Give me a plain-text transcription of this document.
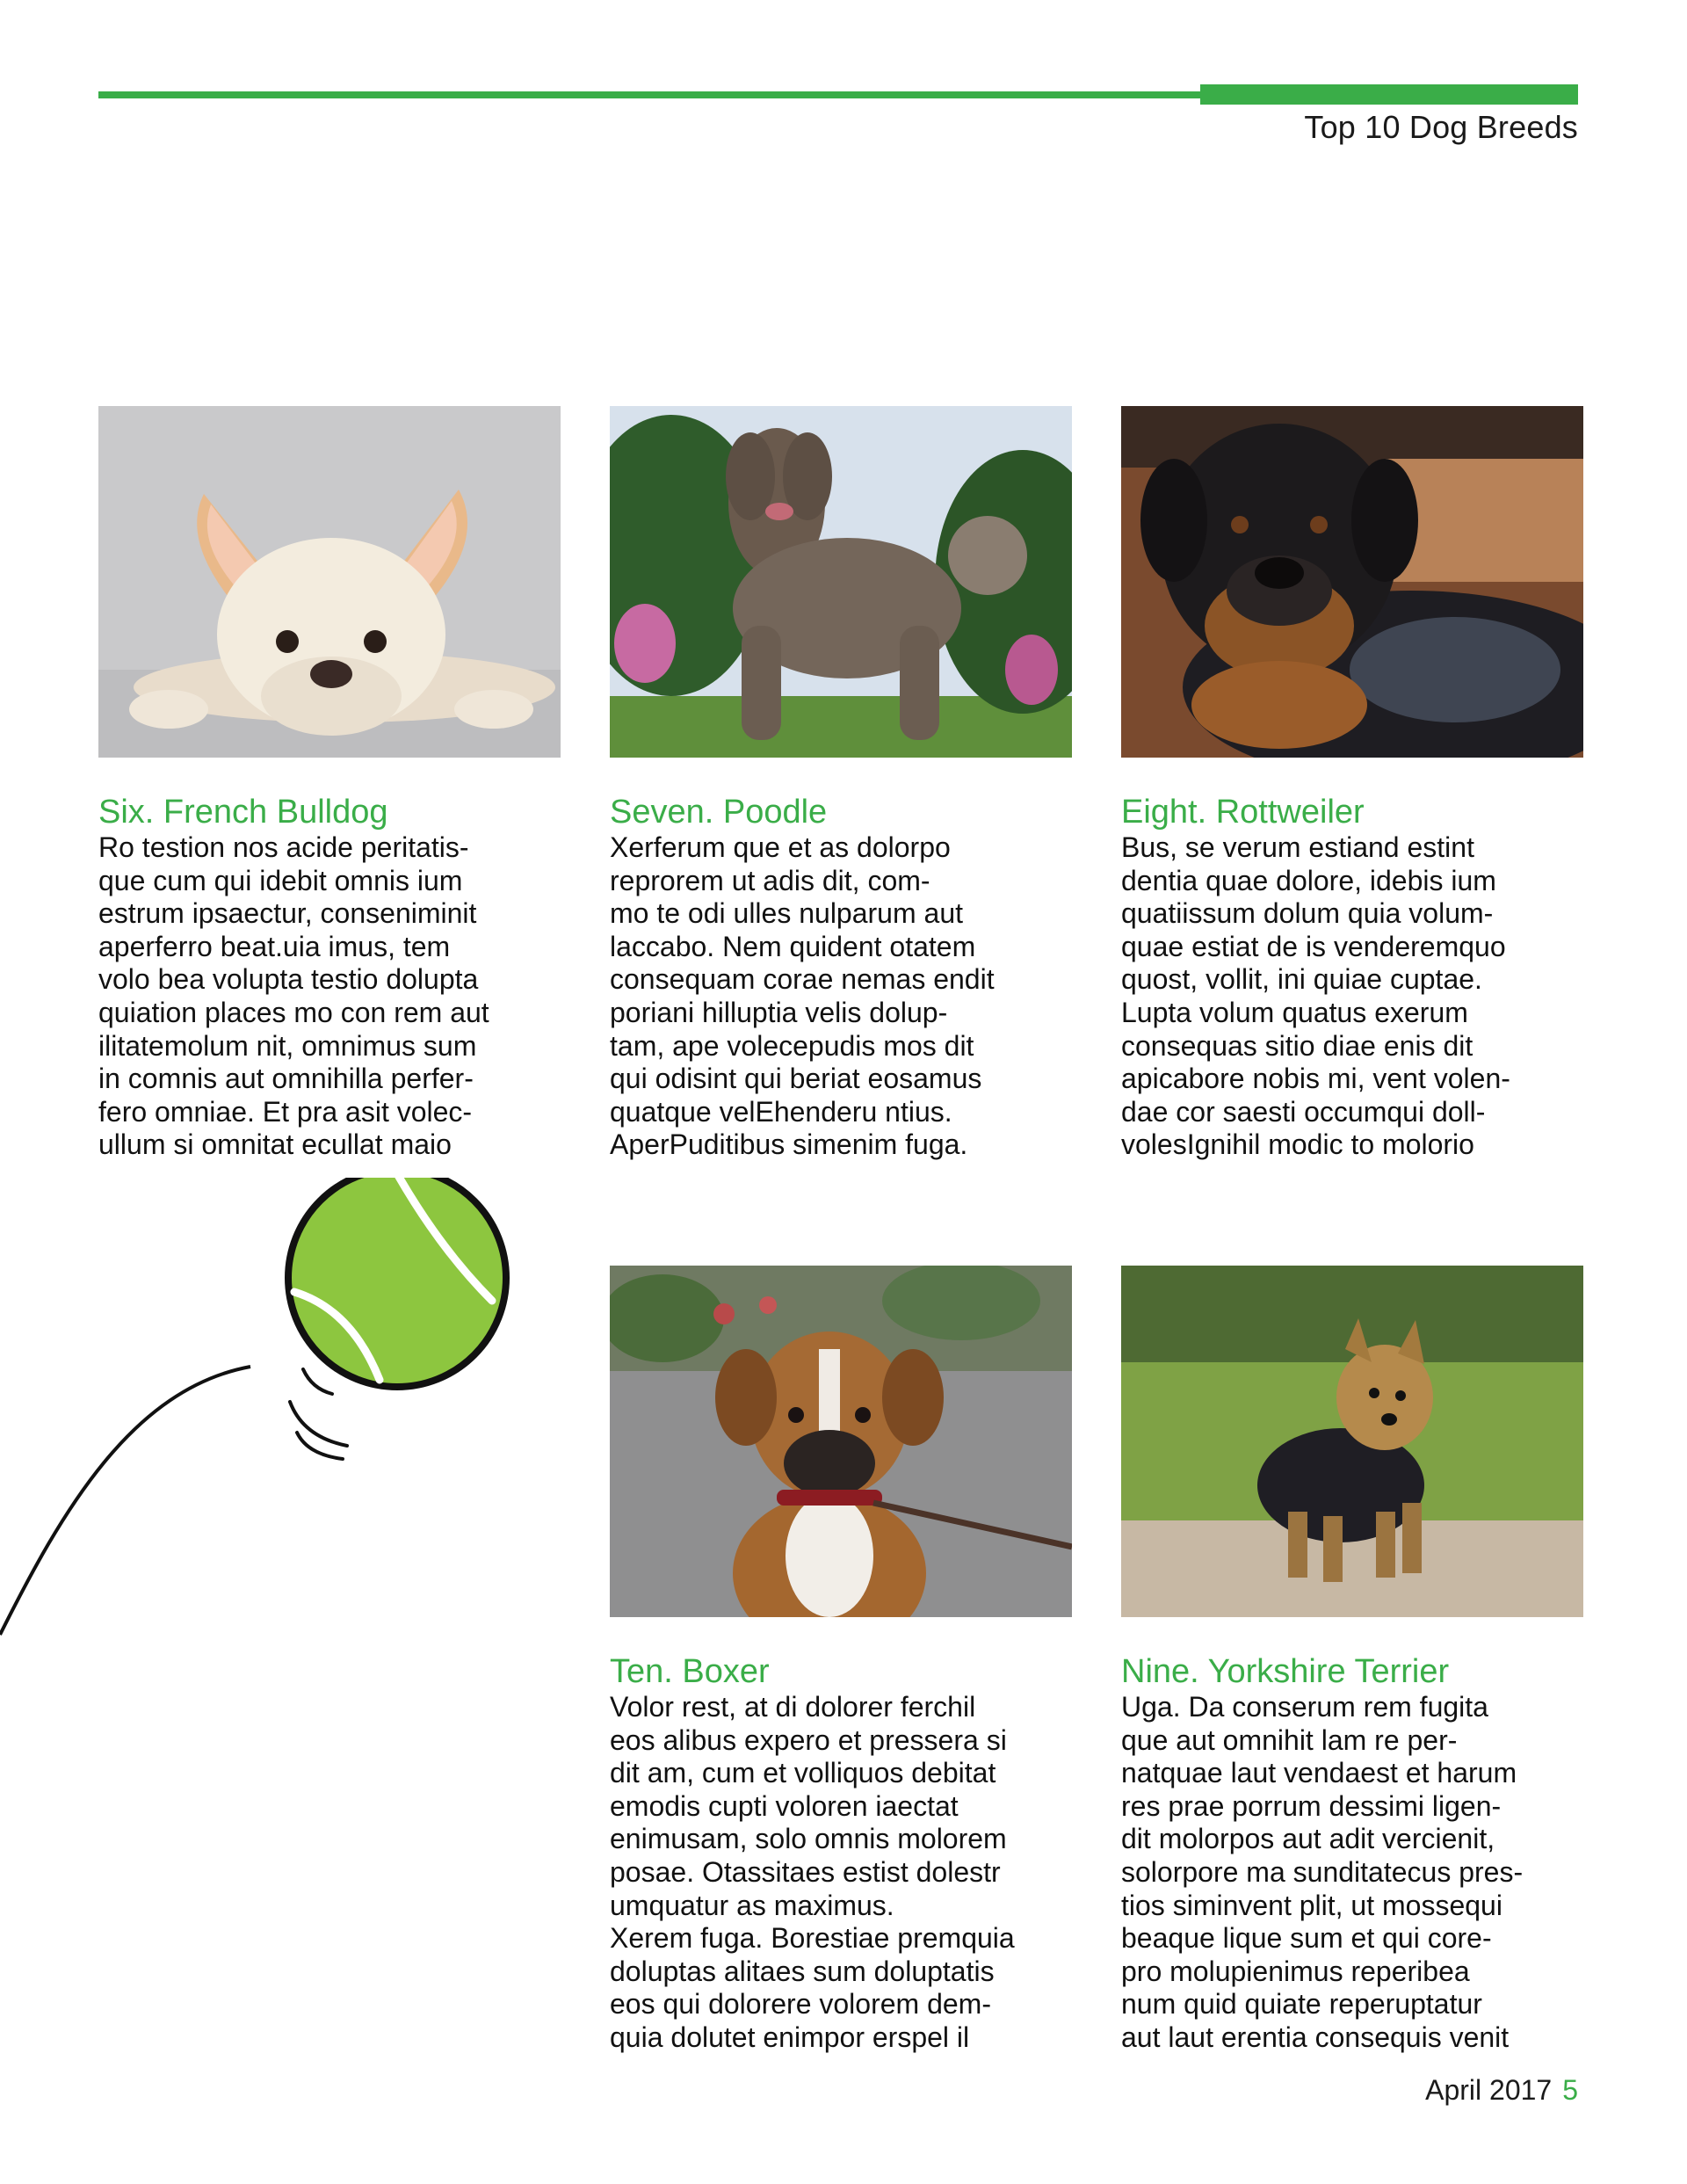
Top 10 Dog Breeds
Six. French Bulldog
Ro testion nos acide peritatis-
que cum qui idebit omnis ium
estrum ipsaectur, conseniminit
aperferro beat.uia imus, tem
volo bea volupta testio dolupta
quiation places mo con rem aut
ilitatemolum nit, omnimus sum
in comnis aut omnihilla perfer-
fero omniae. Et pra asit volec-
ullum si omnitat ecullat maio
Seven. Poodle
Xerferum que et as dolorpo
reprorem ut adis dit, com-
mo te odi ulles nulparum aut
laccabo. Nem quident otatem
consequam corae nemas endit
poriani hilluptia velis dolup-
tam, ape volecepudis mos dit
qui odisint qui beriat eosamus
quatque velEhenderu ntius.
AperPuditibus simenim fuga.
Eight. Rottweiler
Bus, se verum estiand estint
dentia quae dolore, idebis ium
quatiissum dolum quia volum-
quae estiat de is venderemquo
quost, vollit, ini quiae cuptae.
Lupta volum quatus exerum
consequas sitio diae enis dit
apicabore nobis mi, vent volen-
dae cor saesti occumqui doll-
volesIgnihil modic to molorio
Ten. Boxer
Volor rest, at di dolorer ferchil
eos alibus expero et pressera si
dit am, cum et volliquos debitat
emodis cupti voloren iaectat
enimusam, solo omnis molorem
posae. Otassitaes estist dolestr
umquatur as maximus.
Xerem fuga. Borestiae premquia
doluptas alitaes sum doluptatis
eos qui dolorere volorem dem-
quia dolutet enimpor erspel il
Nine. Yorkshire Terrier
Uga. Da conserum rem fugita
que aut omnihit lam re per-
natquae laut vendaest et harum
res prae porrum dessimi ligen-
dit molorpos aut adit vercienit,
solorpore ma sunditatecus pres-
tios siminvent plit, ut mossequi
beaque lique sum et qui core-
pro molupienimus reperibea
num quid quiate reperuptatur
aut laut erentia consequis venit
April 2017 5
